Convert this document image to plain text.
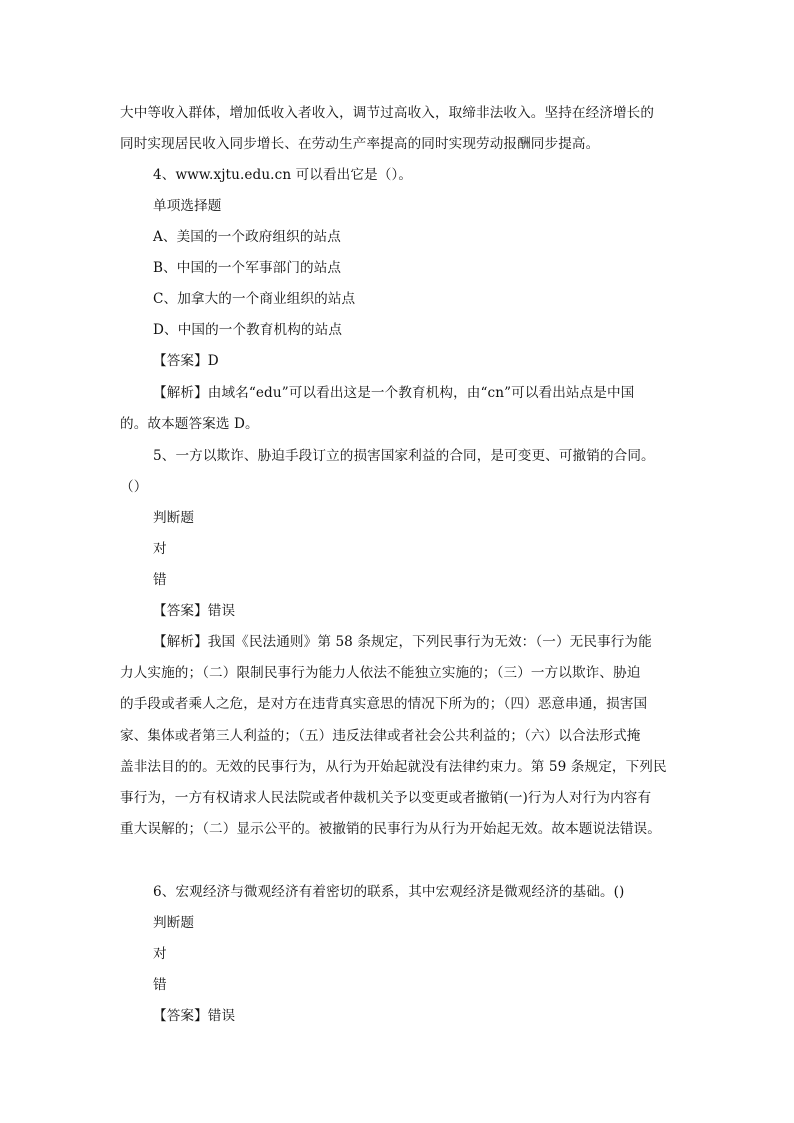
大中等收入群体，增加低收入者收入，调节过高收入，取缔非法收入。坚持在经济增长的

同时实现居民收入同步增长、在劳动生产率提高的同时实现劳动报酬同步提高。

4、www.xjtu.edu.cn 可以看出它是（）。

单项选择题

A、美国的一个政府组织的站点

B、中国的一个军事部门的站点

C、加拿大的一个商业组织的站点

D、中国的一个教育机构的站点

【答案】D

【解析】由域名“edu”可以看出这是一个教育机构，由“cn”可以看出站点是中国

的。故本题答案选 D。

5、一方以欺诈、胁迫手段订立的损害国家利益的合同，是可变更、可撤销的合同。

（）

判断题

对

错

【答案】错误

【解析】我国《民法通则》第 58 条规定，下列民事行为无效：（一）无民事行为能

力人实施的；（二）限制民事行为能力人依法不能独立实施的；（三）一方以欺诈、胁迫

的手段或者乘人之危，是对方在违背真实意思的情况下所为的；（四）恶意串通，损害国

家、集体或者第三人利益的；（五）违反法律或者社会公共利益的；（六）以合法形式掩

盖非法目的的。无效的民事行为，从行为开始起就没有法律约束力。第 59 条规定，下列民

事行为，一方有权请求人民法院或者仲裁机关予以变更或者撤销(一)行为人对行为内容有

重大误解的；（二）显示公平的。被撤销的民事行为从行为开始起无效。故本题说法错误。

6、宏观经济与微观经济有着密切的联系，其中宏观经济是微观经济的基础。()

判断题

对

错

【答案】错误
